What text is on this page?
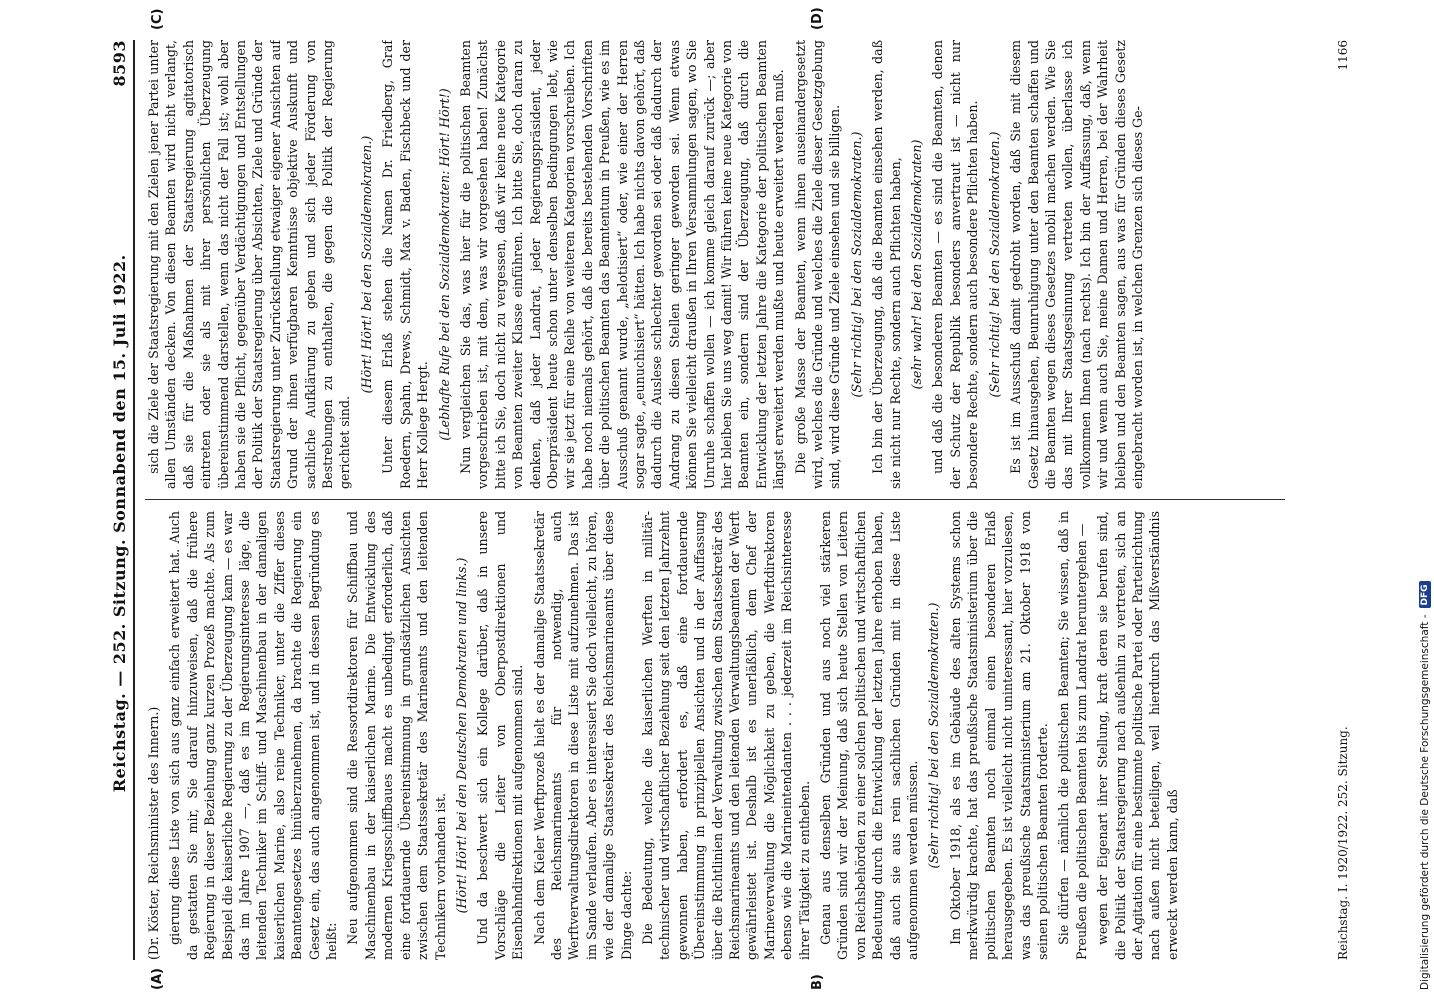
Reichstag. — 252. Sitzung. Sonnabend den 15. Juli 1922.
8593

(Dr. Köster, Reichsminister des Innern.) gierung diese Liste von sich aus ganz einfach erweitert hat. Auch da gestatten Sie mir, Sie darauf hinzuweisen, daß die frühere Regierung in dieser Beziehung ganz kurzen Prozeß machte. Als zum Beispiel die kaiserliche Regierung zu der Überzeugung kam — es war das im Jahre 1907 —, daß es im Regierungsinteresse läge, die leitenden Techniker im Schiff- und Maschinenbau in der damaligen kaiserlichen Marine, also reine Techniker, unter die Ziffer dieses Beamtengesetzes hinüberzunehmen, da brachte die Regierung ein Gesetz ein, das auch angenommen ist, und in dessen Begründung es heißt: Neu aufgenommen sind die Ressortdirektoren für Schiffbau und Maschinenbau in der kaiserlichen Marine. Die Entwicklung des modernen Kriegsschiffbaues macht es unbedingt erforderlich, daß eine fortdauernde Übereinstimmung in grundsätzlichen Ansichten zwischen dem Staatssekretär des Marineamts und den leitenden Technikern vorhanden ist. (Hört! Hört! bei den Deutschen Demokraten und links.) Und da beschwert sich ein Kollege darüber, daß in unsere Vorschläge die Leiter von Oberpostdirektionen und Eisenbahndirektionen mit aufgenommen sind. Nach dem Kieler Werftprozeß hielt es der damalige Staatssekretär des Reichsmarineamts für notwendig, auch Werftverwaltungsdirektoren in diese Liste mit aufzunehmen. Das ist im Sande verlaufen. Aber es interessiert Sie doch vielleicht, zu hören, wie der damalige Staatssekretär des Reichsmarineamts über diese Dinge dachte: Die Bedeutung, welche die kaiserlichen Werften in militär-technischer und wirtschaftlicher Beziehung seit den letzten Jahrzehnt gewonnen haben, erfordert es, daß eine fortdauernde Übereinstimmung in prinzipiellen Ansichten und in der Auffassung über die Richtlinien der Verwaltung zwischen dem Staatssekretär des Reichsmarineamts und den leitenden Verwaltungsbeamten der Werft gewährleistet ist. Deshalb ist es unerläßlich, dem Chef der Marineverwaltung die Möglichkeit zu geben, die Werftdirektoren ebenso wie die Marineintendanten . . . jederzeit im Reichsinteresse ihrer Tätigkeit zu entheben. Genau aus denselben Gründen und aus noch viel stärkeren Gründen sind wir der Meinung, daß sich heute Stellen von Leitern von Reichsbehörden zu einer solchen politischen und wirtschaftlichen Bedeutung durch die Entwicklung der letzten Jahre erhoben haben, daß auch sie aus rein sachlichen Gründen mit in diese Liste aufgenommen werden müssen. (Sehr richtig! bei den Sozialdemokraten.) Im Oktober 1918, als es im Gebäude des alten Systems schon merkwürdig krachte, hat das preußische Staatsministerium über die politischen Beamten noch einmal einen besonderen Erlaß herausgegeben. Es ist vielleicht nicht uninteressant, hier vorzulesen, was das preußische Staatsministerium am 21. Oktober 1918 von seinen politischen Beamten forderte. Sie dürfen — nämlich die politischen Beamten; Sie wissen, daß in Preußen die politischen Beamten bis zum Landrat heruntergehen — wegen der Eigenart ihrer Stellung, kraft deren sie berufen sind, die Politik der Staatsregierung nach außenhin zu vertreten, sich an der Agitation für eine bestimmte politische Partei oder Parteirichtung nach außen nicht beteiligen, weil hierdurch das Mißverständnis erweckt werden kann, daß

sich die Ziele der Staatsregierung mit den Zielen jener Partei unter allen Umständen decken. Von diesen Beamten wird nicht verlangt, daß sie für die Maßnahmen der Staatsregierung agitatorisch eintreten oder sie als mit ihrer persönlichen Überzeugung übereinstimmend darstellen, wenn das nicht der Fall ist; wohl aber haben sie die Pflicht, gegenüber Verdächtigungen und Entstellungen der Politik der Staatsregierung über Absichten, Ziele und Gründe der Staatsregierung unter Zurückstellung etwaiger eigener Ansichten auf Grund der ihnen verfügbaren Kenntnisse objektive Auskunft und sachliche Aufklärung zu geben und sich jeder Förderung von Bestrebungen zu enthalten, die gegen die Politik der Regierung gerichtet sind.

(Hört! Hört! bei den Sozialdemokraten.) Unter diesem Erlaß stehen die Namen Dr. Friedberg, Graf Roedern, Spahn, Drews, Schmidt, Max v. Baden, Fischbeck und der Herr Kollege Hergt. (Lebhafte Rufe bei den Sozialdemokraten: Hört! Hört!) Nun vergleichen Sie das, was hier für die politischen Beamten vorgeschrieben ist, mit dem, was wir vorgesehen haben! Zunächst bitte ich Sie, doch nicht zu vergessen, daß wir keine neue Kategorie von Beamten zweiter Klasse einführen. Ich bitte Sie, doch daran zu denken, daß jeder Landrat, jeder Regierungspräsident, jeder Oberpräsident heute schon unter denselben Bedingungen lebt, wie wir sie jetzt für eine Reihe von weiteren Kategorien vorschreiben. Ich habe noch niemals gehört, daß die bereits bestehenden Vorschriften über die politischen Beamten das Beamtentum in Preußen, wie es im Ausschuß genannt wurde, „helotisiert“ oder, wie einer der Herren sogar sagte, „eunuchisiert“ hätten. Ich habe nichts davon gehört, daß dadurch die Auslese schlechter geworden sei oder daß dadurch der Andrang zu diesen Stellen geringer geworden sei. Wenn etwas können Sie vielleicht draußen in Ihren Versammlungen sagen, wo Sie Unruhe schaffen wollen — ich komme gleich darauf zurück —; aber hier bleiben Sie uns weg damit! Wir führen keine neue Kategorie von Beamten ein, sondern sind der Überzeugung, daß durch die Entwicklung der letzten Jahre die Kategorie der politischen Beamten längst erweitert werden mußte und heute erweitert werden muß. Die große Masse der Beamten, wenn ihnen auseinandergesetzt wird, welches die Gründe und welches die Ziele dieser Gesetzgebung sind, wird diese Gründe und Ziele einsehen und sie billigen. (Sehr richtig! bei den Sozialdemokraten.) Ich bin der Überzeugung, daß die Beamten einsehen werden, daß sie nicht nur Rechte, sondern auch Pflichten haben, (sehr wahr! bei den Sozialdemokraten) und daß die besonderen Beamten — es sind die Beamten, denen der Schutz der Republik besonders anvertraut ist — nicht nur besondere Rechte, sondern auch besondere Pflichten haben. (Sehr richtig! bei den Sozialdemokraten.) Es ist im Ausschuß damit gedroht worden, daß Sie mit diesem Gesetz hinausgehen, Beunruhigung unter den Beamten schaffen und die Beamten wegen dieses Gesetzes mobil machen werden. Wie Sie das mit Ihrer Staatsgesinnung vertreten wollen, überlasse ich vollkommen Ihnen (nach rechts). Ich bin der Auffassung, daß, wenn wir und wenn auch Sie, meine Damen und Herren, bei der Wahrheit bleiben und den Beamten sagen, aus was für Gründen dieses Gesetz eingebracht worden ist, in welchen Grenzen sich dieses Ge-

(A)	B)
(C)	(D)
Reichstag. I. 1920/1922. 252. Sitzung.
1166
Digitalisierung gefördert durch die Deutsche Forschungsgemeinschaft -
DFG
